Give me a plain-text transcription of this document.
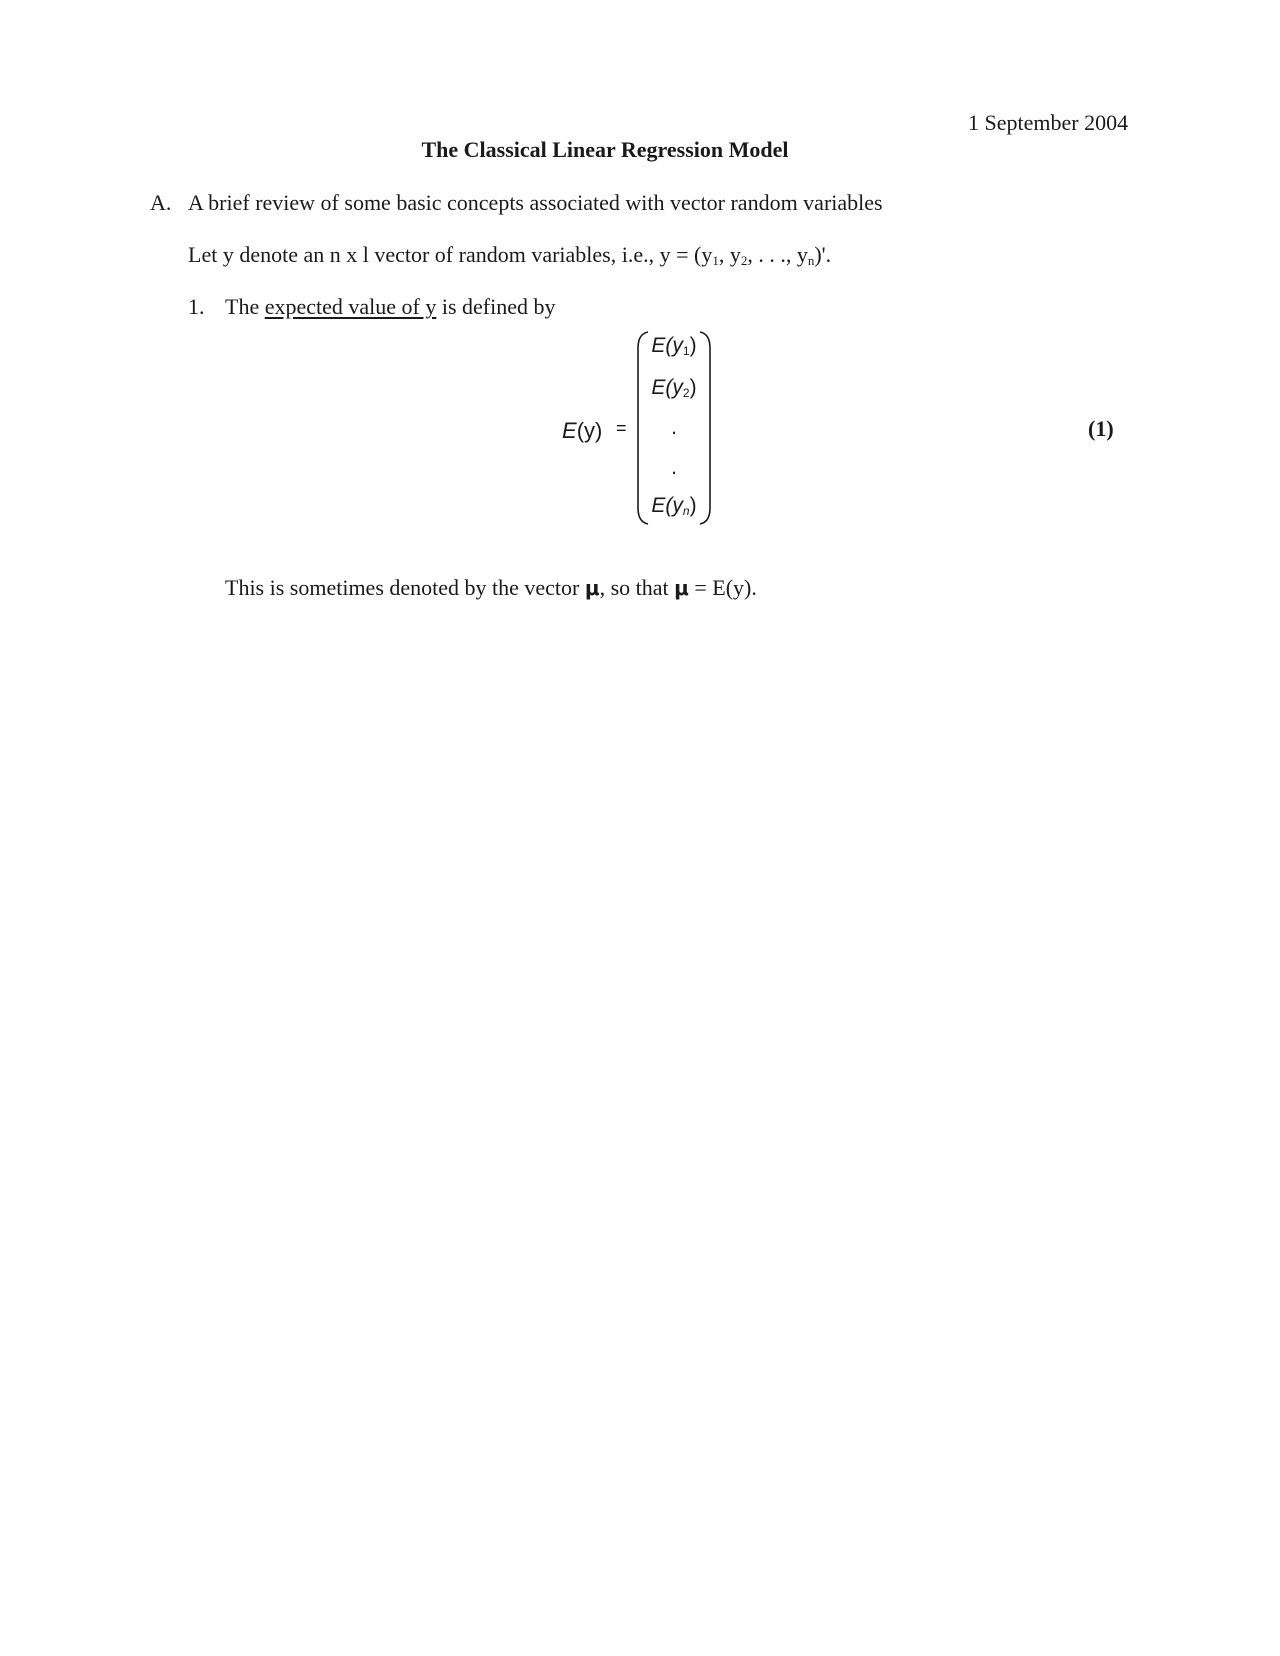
1 September 2004
The Classical Linear Regression Model
A. A brief review of some basic concepts associated with vector random variables
Let y denote an n x l vector of random variables, i.e., $y = (y_1$, $y_2$, . . ., $y_n)'$.
1. The expected value of y is defined by
E(y) =
$E(y_1)$
$E(y_2)$
.
.
$E(y_n)$
(1)
This is sometimes denoted by the vector μ, so that μ = E(y).
